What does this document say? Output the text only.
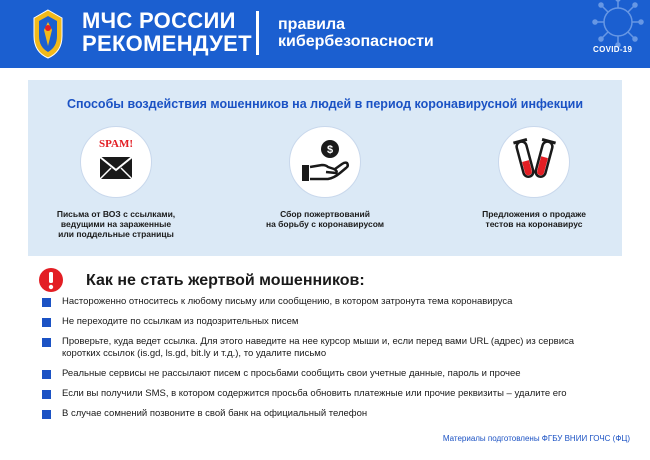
МЧС РОССИИ
РЕКОМЕНДУЕТ
правила
кибербезопасности	COVID-19
Способы воздействия мошенников на людей в период коронавирусной инфекции
SPAM!
Письма от ВОЗ с ссылками,
ведущими на зараженные
или поддельные страницы
$
Сбор пожертвований
на борьбу с коронавирусом
Предложения о продаже
тестов на коронавирус
Как не стать жертвой мошенников:
Настороженно относитесь к любому письму или сообщению, в котором затронута тема коронавируса
Не переходите по ссылкам из подозрительных писем
Проверьте, куда ведет ссылка. Для этого наведите на нее курсор мыши и, если перед вами URL (адрес) из сервиса коротких ссылок (is.gd, ls.gd, bit.ly и т.д.), то удалите письмо
Реальные сервисы не рассылают писем с просьбами сообщить свои учетные данные, пароль и прочее
Если вы получили SMS, в котором содержится просьба обновить платежные или прочие реквизиты – удалите его
В случае сомнений позвоните в свой банк на официальный телефон
Материалы подготовлены ФГБУ ВНИИ ГОЧС (ФЦ)
